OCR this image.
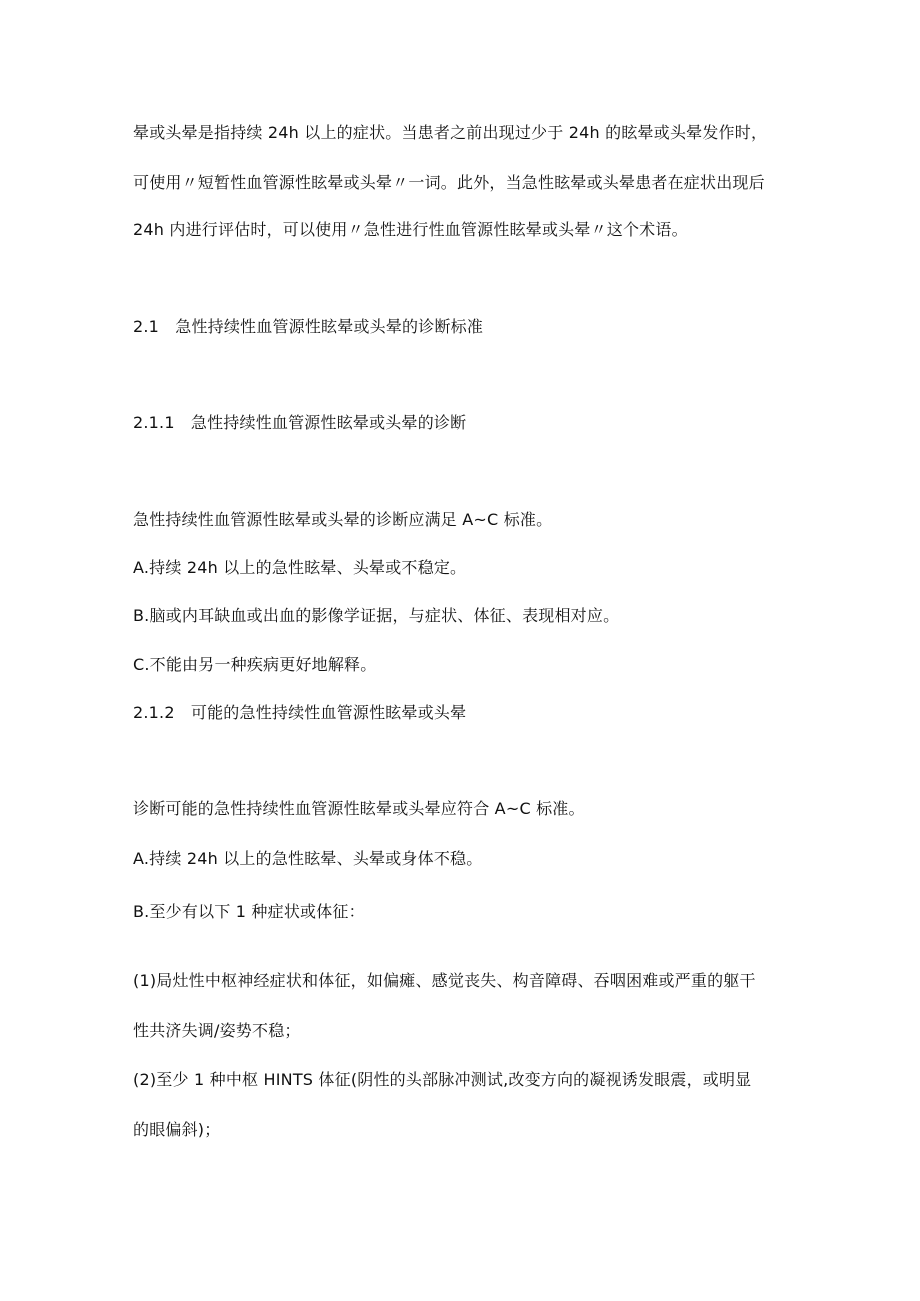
晕或头晕是指持续 24h 以上的症状。当患者之前出现过少于 24h 的眩晕或头晕发作时，
可使用〃短暂性血管源性眩晕或头晕〃一词。此外，当急性眩晕或头晕患者在症状出现后
24h 内进行评估时，可以使用〃急性进行性血管源性眩晕或头晕〃这个术语。
2.1　急性持续性血管源性眩晕或头晕的诊断标准
2.1.1　急性持续性血管源性眩晕或头晕的诊断
急性持续性血管源性眩晕或头晕的诊断应满足 A~C 标准。
A.持续 24h 以上的急性眩晕、头晕或不稳定。
B.脑或内耳缺血或出血的影像学证据，与症状、体征、表现相对应。
C.不能由另一种疾病更好地解释。
2.1.2　可能的急性持续性血管源性眩晕或头晕
诊断可能的急性持续性血管源性眩晕或头晕应符合 A~C 标准。
A.持续 24h 以上的急性眩晕、头晕或身体不稳。
B.至少有以下 1 种症状或体征：
(1)局灶性中枢神经症状和体征，如偏瘫、感觉丧失、构音障碍、吞咽困难或严重的躯干
性共济失调/姿势不稳；
(2)至少 1 种中枢 HINTS 体征(阴性的头部脉冲测试,改变方向的凝视诱发眼震，或明显
的眼偏斜)；
